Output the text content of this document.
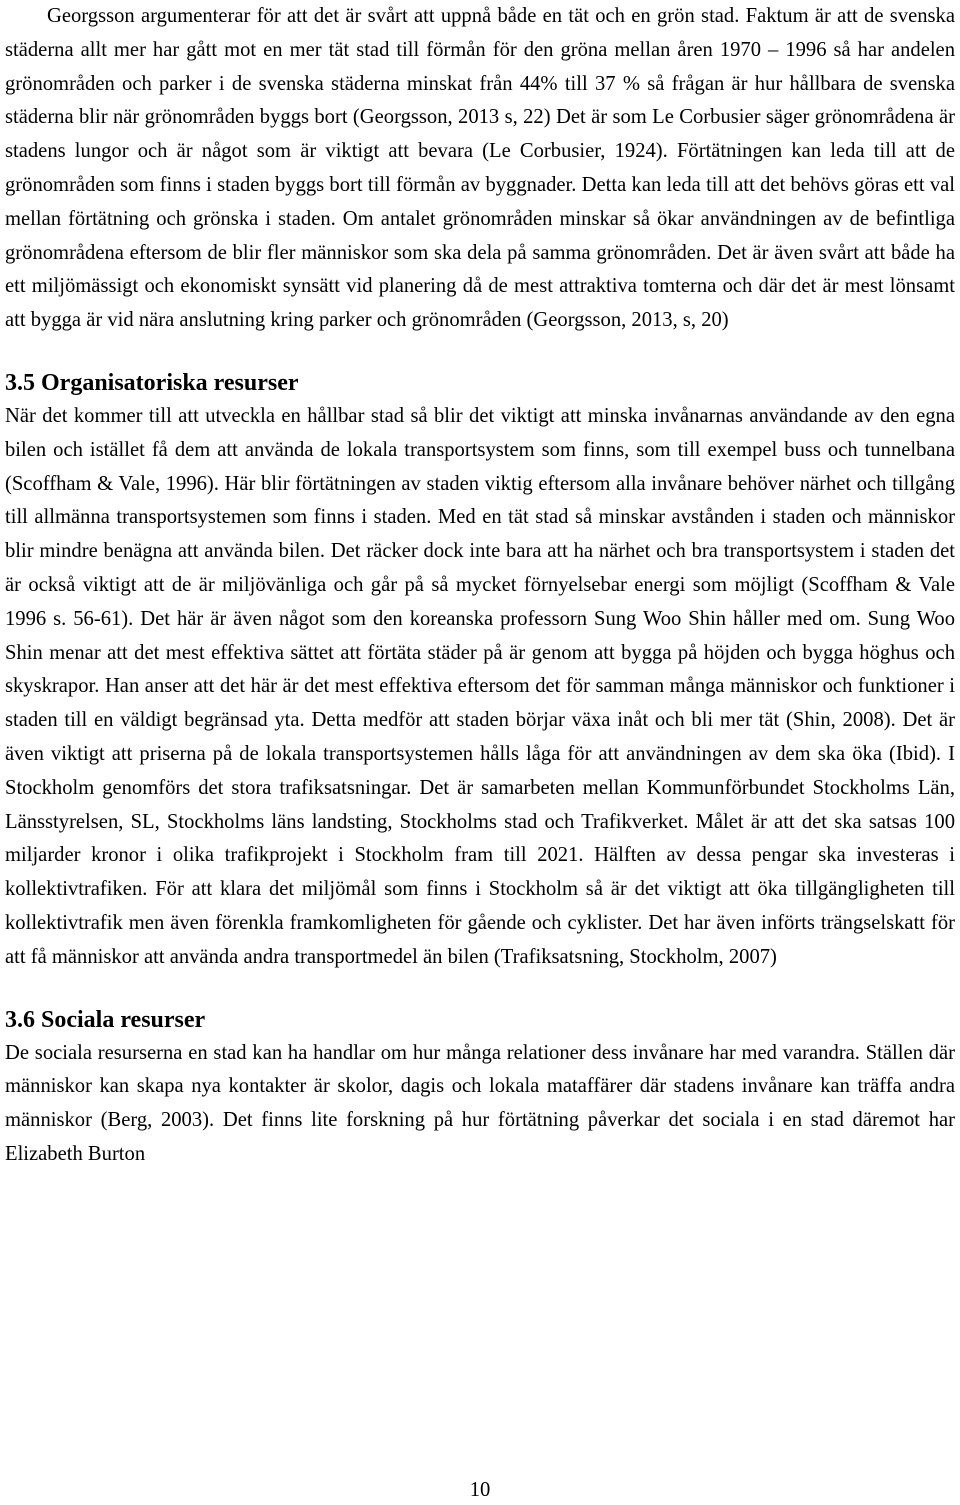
Georgsson argumenterar för att det är svårt att uppnå både en tät och en grön stad. Faktum är att de svenska städerna allt mer har gått mot en mer tät stad till förmån för den gröna mellan åren 1970 – 1996 så har andelen grönområden och parker i de svenska städerna minskat från 44% till 37 % så frågan är hur hållbara de svenska städerna blir när grönområden byggs bort (Georgsson, 2013 s, 22) Det är som Le Corbusier säger grönområdena är stadens lungor och är något som är viktigt att bevara (Le Corbusier, 1924). Förtätningen kan leda till att de grönområden som finns i staden byggs bort till förmån av byggnader. Detta kan leda till att det behövs göras ett val mellan förtätning och grönska i staden. Om antalet grönområden minskar så ökar användningen av de befintliga grönområdena eftersom de blir fler människor som ska dela på samma grönområden. Det är även svårt att både ha ett miljömässigt och ekonomiskt synsätt vid planering då de mest attraktiva tomterna och där det är mest lönsamt att bygga är vid nära anslutning kring parker och grönområden (Georgsson, 2013, s, 20)

3.5 Organisatoriska resurser

När det kommer till att utveckla en hållbar stad så blir det viktigt att minska invånarnas användande av den egna bilen och istället få dem att använda de lokala transportsystem som finns, som till exempel buss och tunnelbana (Scoffham & Vale, 1996). Här blir förtätningen av staden viktig eftersom alla invånare behöver närhet och tillgång till allmänna transportsystemen som finns i staden. Med en tät stad så minskar avstånden i staden och människor blir mindre benägna att använda bilen. Det räcker dock inte bara att ha närhet och bra transportsystem i staden det är också viktigt att de är miljövänliga och går på så mycket förnyelsebar energi som möjligt (Scoffham & Vale 1996 s. 56-61). Det här är även något som den koreanska professorn Sung Woo Shin håller med om. Sung Woo Shin menar att det mest effektiva sättet att förtäta städer på är genom att bygga på höjden och bygga höghus och skyskrapor. Han anser att det här är det mest effektiva eftersom det för samman många människor och funktioner i staden till en väldigt begränsad yta. Detta medför att staden börjar växa inåt och bli mer tät (Shin, 2008). Det är även viktigt att priserna på de lokala transportsystemen hålls låga för att användningen av dem ska öka (Ibid). I Stockholm genomförs det stora trafiksatsningar. Det är samarbeten mellan Kommunförbundet Stockholms Län, Länsstyrelsen, SL, Stockholms läns landsting, Stockholms stad och Trafikverket. Målet är att det ska satsas 100 miljarder kronor i olika trafikprojekt i Stockholm fram till 2021. Hälften av dessa pengar ska investeras i kollektivtrafiken. För att klara det miljömål som finns i Stockholm så är det viktigt att öka tillgängligheten till kollektivtrafik men även förenkla framkomligheten för gående och cyklister. Det har även införts trängselskatt för att få människor att använda andra transportmedel än bilen (Trafiksatsning, Stockholm, 2007)

3.6 Sociala resurser

De sociala resurserna en stad kan ha handlar om hur många relationer dess invånare har med varandra. Ställen där människor kan skapa nya kontakter är skolor, dagis och lokala mataffärer där stadens invånare kan träffa andra människor (Berg, 2003). Det finns lite forskning på hur förtätning påverkar det sociala i en stad däremot har Elizabeth Burton

10
